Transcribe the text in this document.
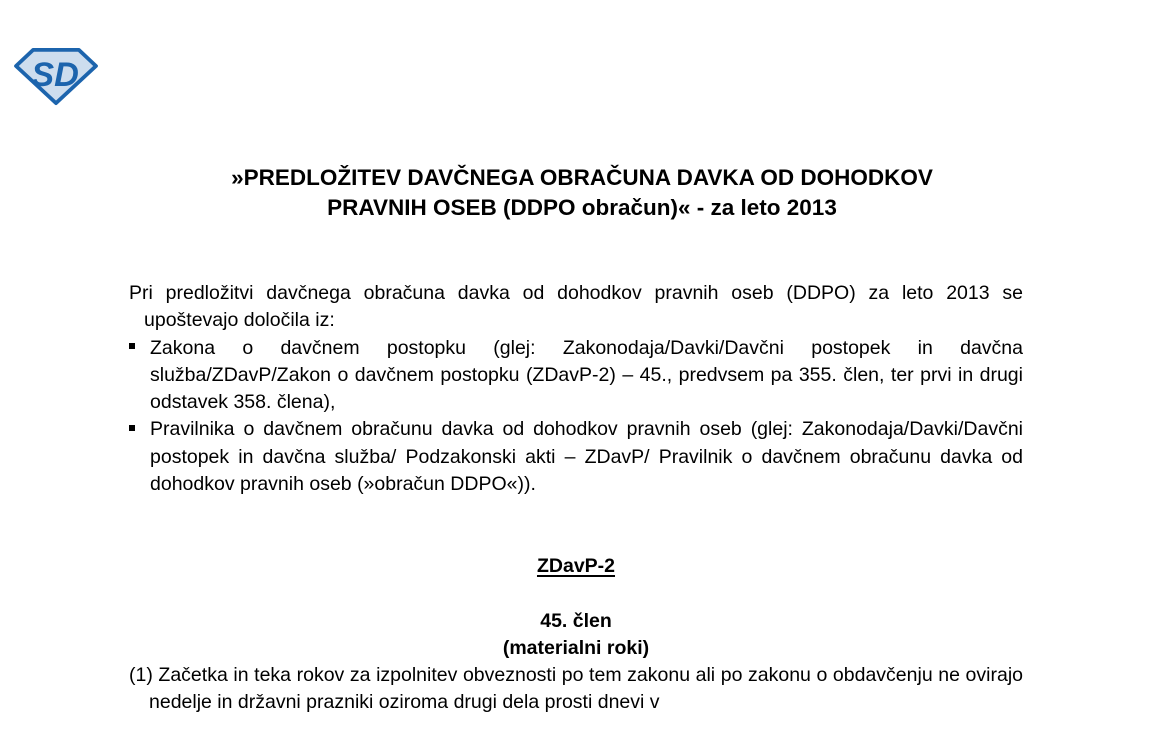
SD
»PREDLOŽITEV DAVČNEGA OBRAČUNA DAVKA OD DOHODKOV
PRAVNIH OSEB (DDPO obračun)« - za leto 2013

Pri predložitvi davčnega obračuna davka od dohodkov pravnih oseb (DDPO) za leto 2013 se upoštevajo določila iz:

Zakona o davčnem postopku (glej: Zakonodaja/Davki/Davčni postopek in davčna služba/ZDavP/Zakon o davčnem postopku (ZDavP-2) – 45., predvsem pa 355. člen, ter prvi in drugi odstavek 358. člena),
Pravilnika o davčnem obračunu davka od dohodkov pravnih oseb (glej: Zakonodaja/Davki/Davčni postopek in davčna služba/ Podzakonski akti – ZDavP/ Pravilnik o davčnem obračunu davka od dohodkov pravnih oseb (»obračun DDPO«)).

ZDavP-2

45. člen

(materialni roki)

(1) Začetka in teka rokov za izpolnitev obveznosti po tem zakonu ali po zakonu o obdavčenju ne ovirajo nedelje in državni prazniki oziroma drugi dela prosti dnevi v
